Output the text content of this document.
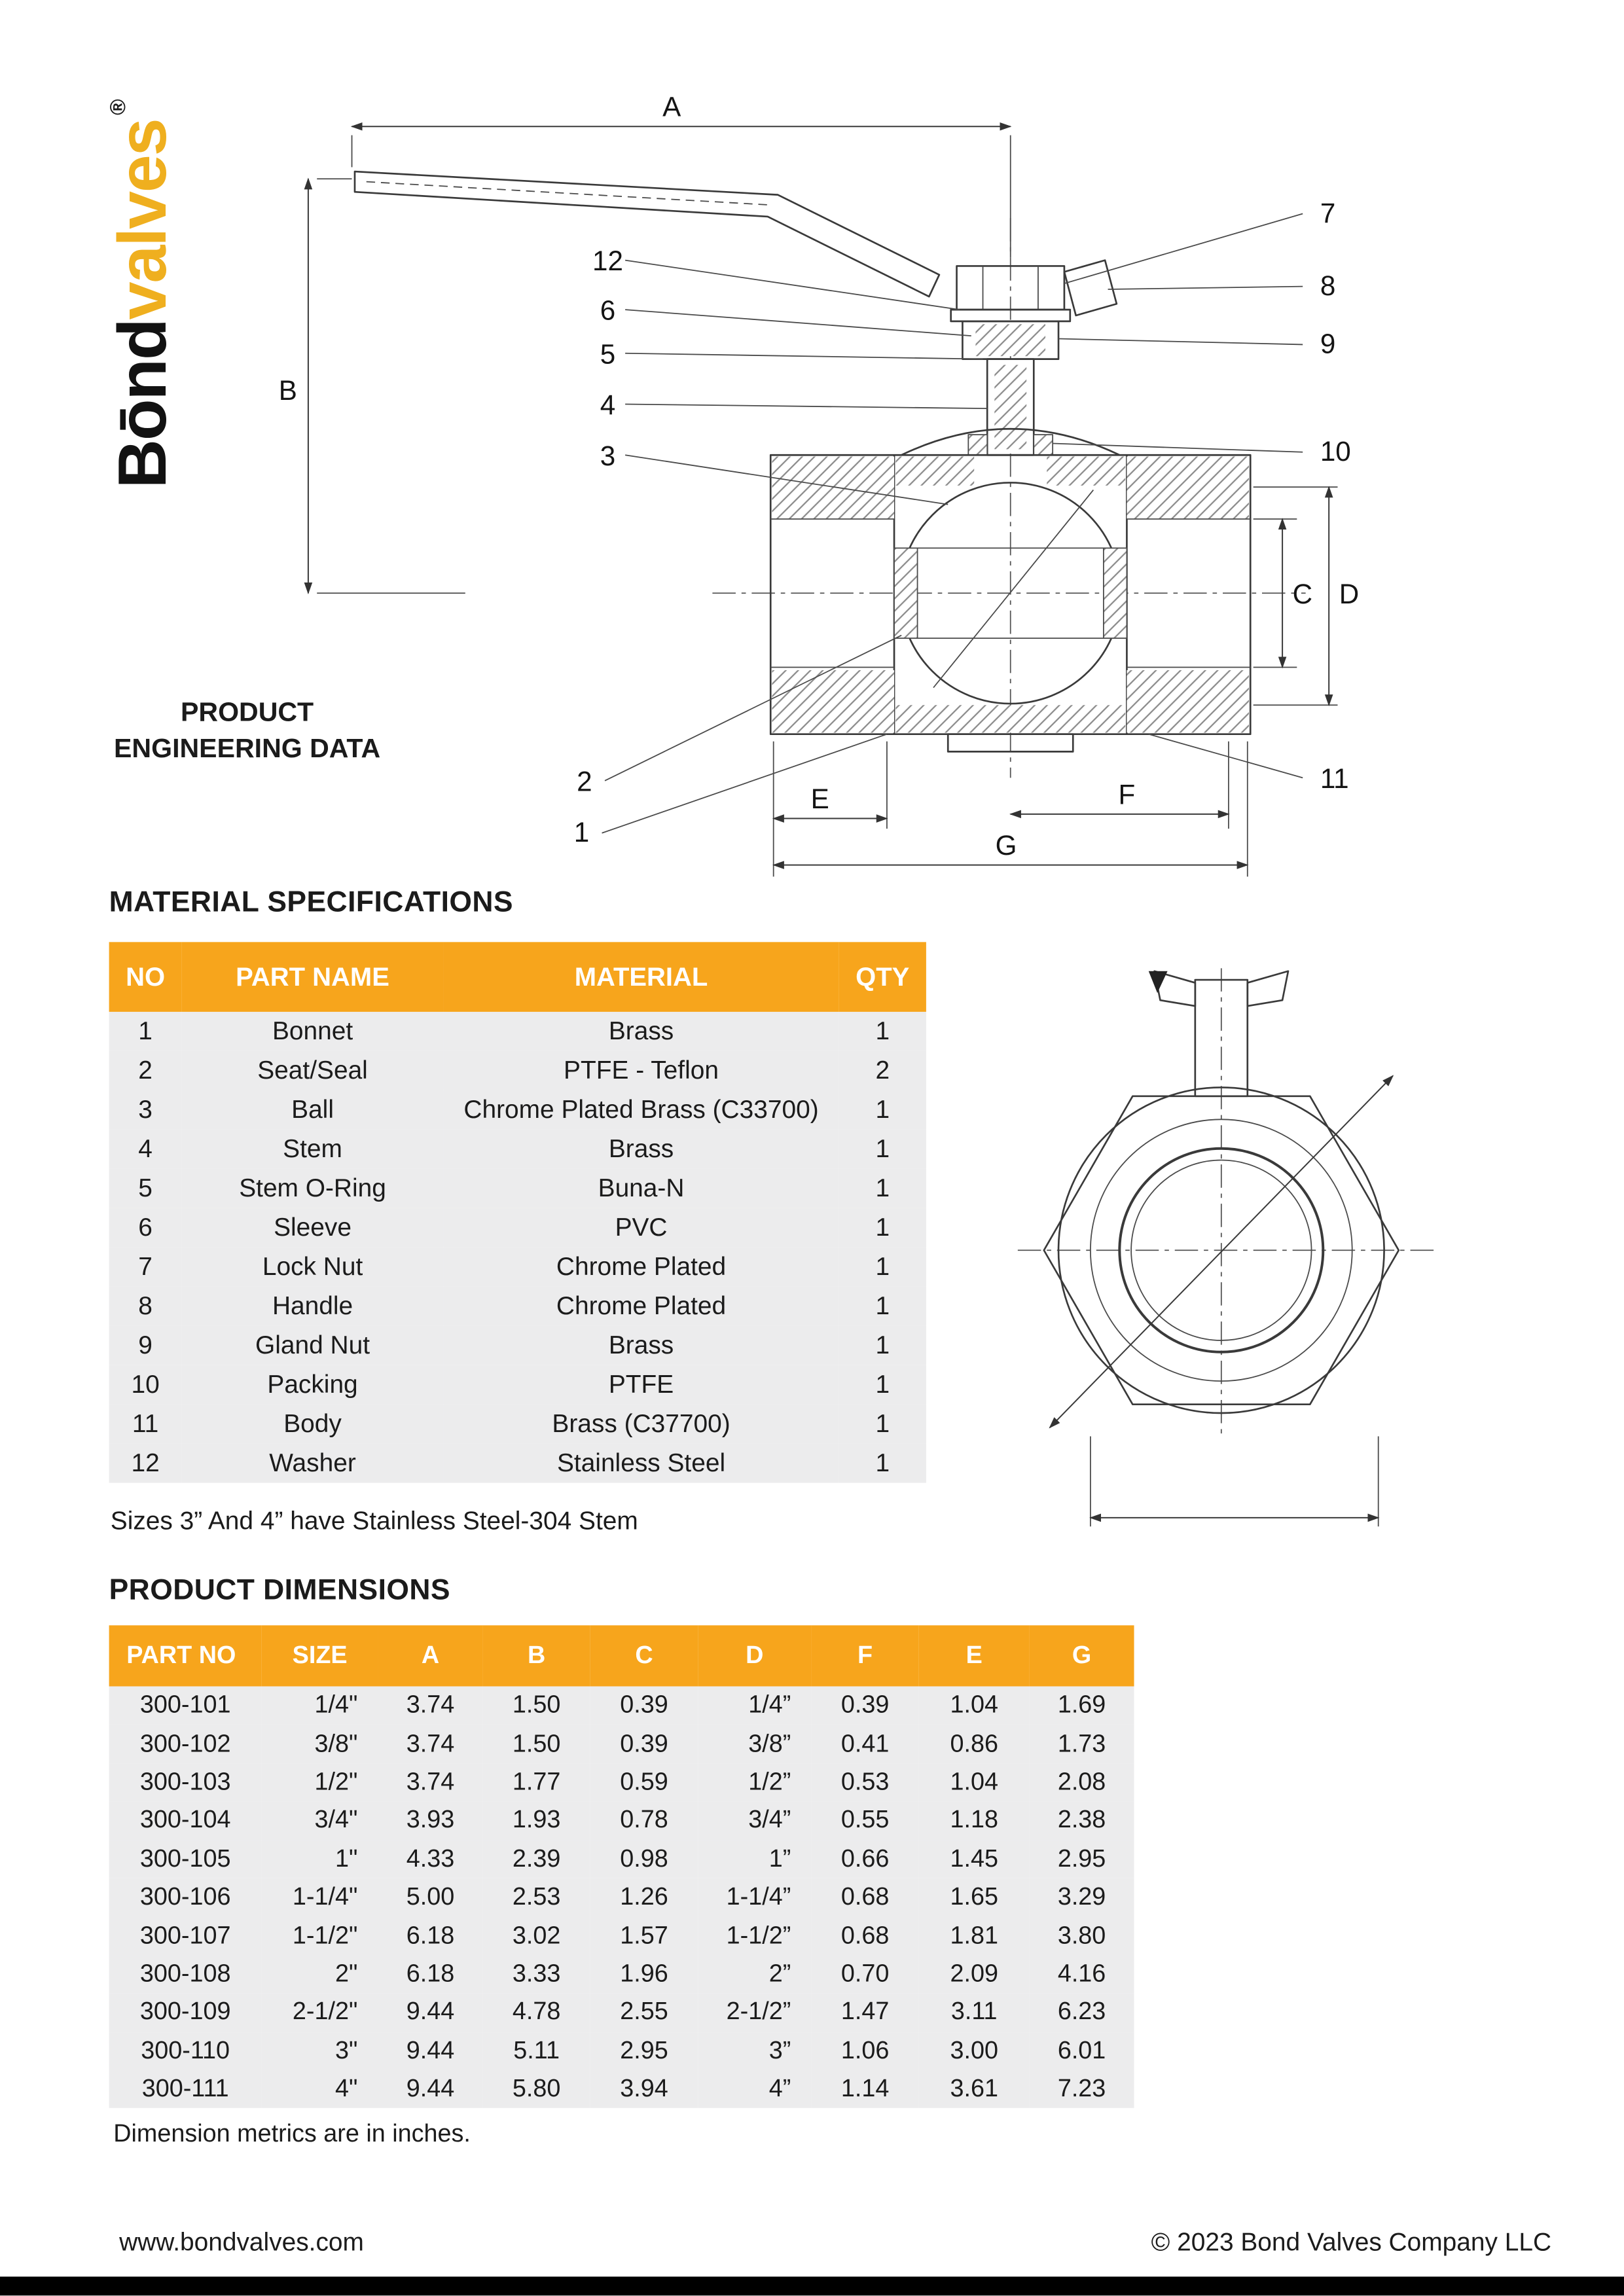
Bōndvalves®
PRODUCT
ENGINEERING DATA
A
B
C D
E	F
G
12
6
5
4
3
7
8
9
10
2
1
11
MATERIAL SPECIFICATIONS
NO	PART NAME	MATERIAL	QTY
1	Bonnet	Brass	1
2	Seat/Seal	PTFE - Teflon	2
3	Ball	Chrome Plated Brass (C33700)	1
4	Stem	Brass	1
5	Stem O-Ring	Buna-N	1
6	Sleeve	PVC	1
7	Lock Nut	Chrome Plated	1
8	Handle	Chrome Plated	1
9	Gland Nut	Brass	1
10	Packing	PTFE	1
11	Body	Brass (C37700)	1
12	Washer	Stainless Steel	1
Sizes 3” And 4” have Stainless Steel-304 Stem
PRODUCT DIMENSIONS
PART NO	SIZE	A	B	C	D	F	E	G
300-101	1/4"	3.74	1.50	0.39	1/4”	0.39	1.04	1.69
300-102	3/8"	3.74	1.50	0.39	3/8”	0.41	0.86	1.73
300-103	1/2"	3.74	1.77	0.59	1/2”	0.53	1.04	2.08
300-104	3/4"	3.93	1.93	0.78	3/4”	0.55	1.18	2.38
300-105	1"	4.33	2.39	0.98	1”	0.66	1.45	2.95
300-106	1-1/4"	5.00	2.53	1.26	1-1/4”	0.68	1.65	3.29
300-107	1-1/2"	6.18	3.02	1.57	1-1/2”	0.68	1.81	3.80
300-108	2"	6.18	3.33	1.96	2”	0.70	2.09	4.16
300-109	2-1/2"	9.44	4.78	2.55	2-1/2”	1.47	3.11	6.23
300-110	3"	9.44	5.11	2.95	3”	1.06	3.00	6.01
300-111	4"	9.44	5.80	3.94	4”	1.14	3.61	7.23
Dimension metrics are in inches.
www.bondvalves.com	© 2023 Bond Valves Company LLC
